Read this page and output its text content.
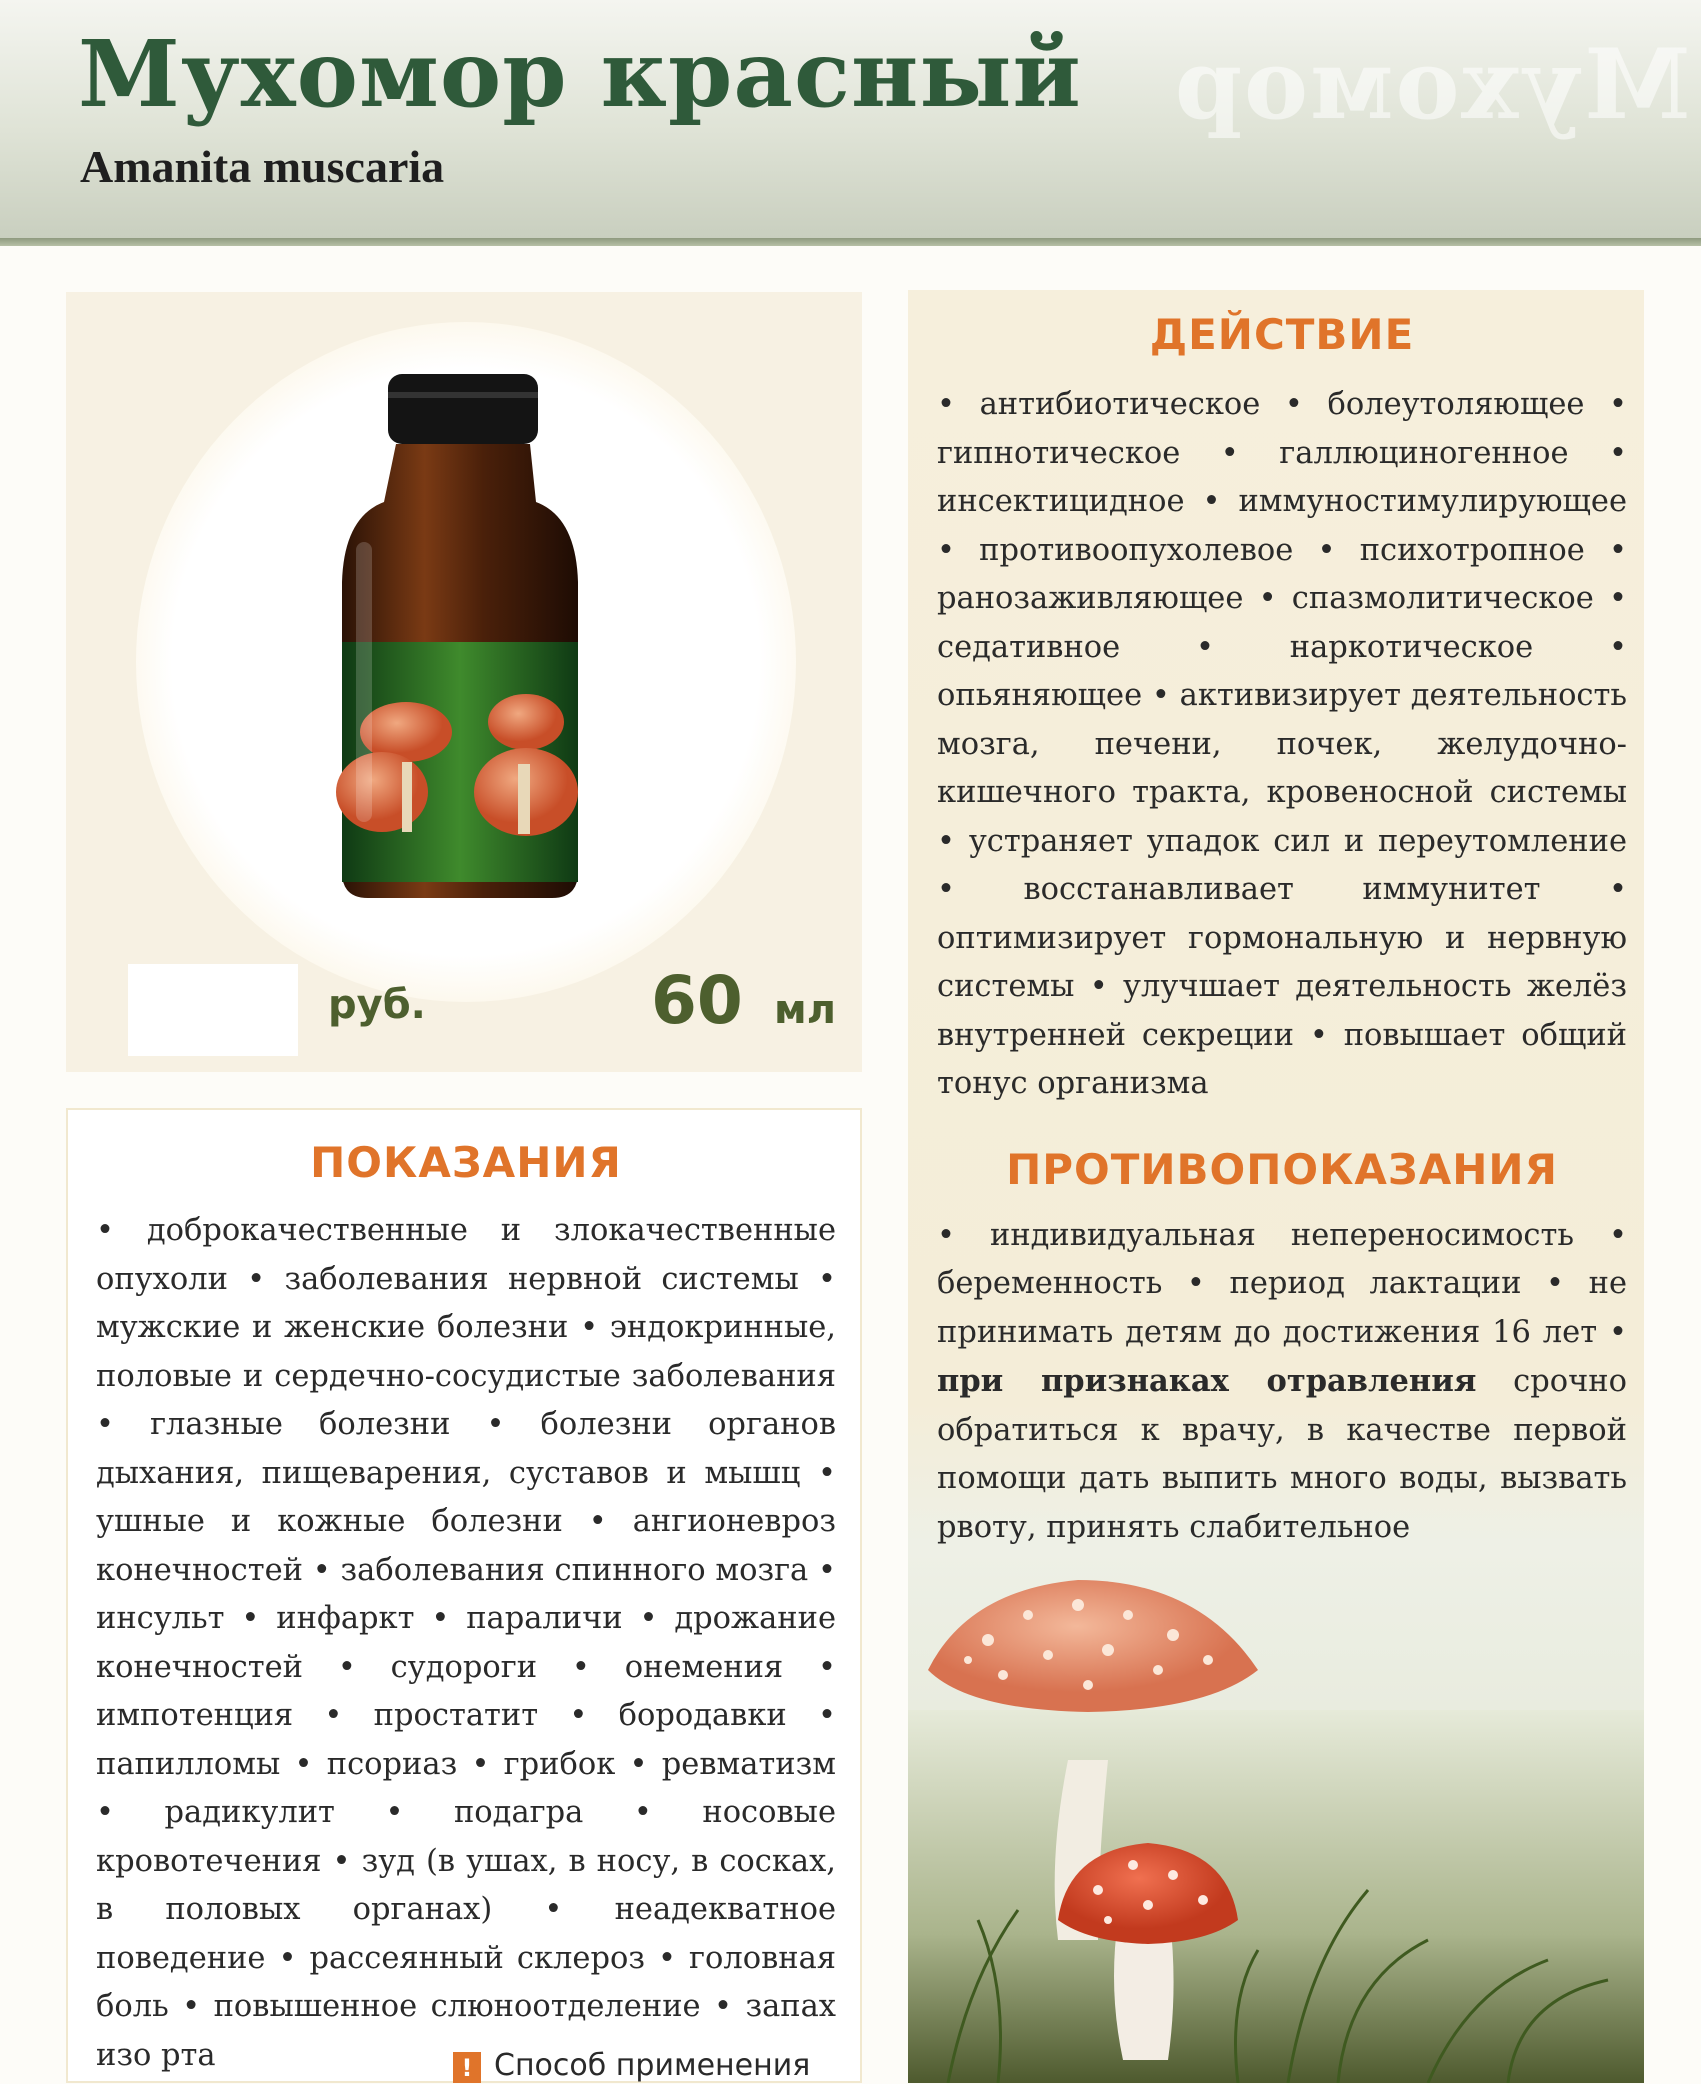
Мухомор
Мухомор красный
Amanita muscaria
руб.	60 мл
ДЕЙСТВИЕ

• антибиотическое • болеутоляющее • гипнотическое • галлюциногенное • инсектицидное • иммуностимулирующее • противоопухолевое • психотропное • ранозаживляющее • спазмолитическое • седативное • наркотическое • опьяняющее • активизирует деятельность мозга, печени, почек, желудочно-кишечного тракта, кровеносной системы • устраняет упадок сил и переутомление • восстанавливает иммунитет • оптимизирует гормональную и нервную системы • улучшает деятельность желёз внутренней секреции • повышает общий тонус организма

ПРОТИВОПОКАЗАНИЯ

• индивидуальная непереносимость • беременность • период лактации • не принимать детям до достижения 16 лет • при признаках отравления срочно обратиться к врачу, в качестве первой помощи дать выпить много воды, вызвать рвоту, принять слабительное

ПОКАЗАНИЯ

• доброкачественные и злокачественные опухоли • заболевания нервной системы • мужские и женские болезни • эндокринные, половые и сердечно-сосудистые заболевания • глазные болезни • болезни органов дыхания, пищеварения, суставов и мышц • ушные и кожные болезни • ангионевроз конечностей • заболевания спинного мозга • инсульт • инфаркт • параличи • дрожание конечностей • судороги • онемения • импотенция • простатит • бородавки • папилломы • псориаз • грибок • ревматизм • радикулит • подагра • носовые кровотечения • зуд (в ушах, в носу, в сосках, в половых органах) • неадекватное поведение • рассеянный склероз • головная боль • повышенное слюноотделение • запах изо рта	! Способ применения
